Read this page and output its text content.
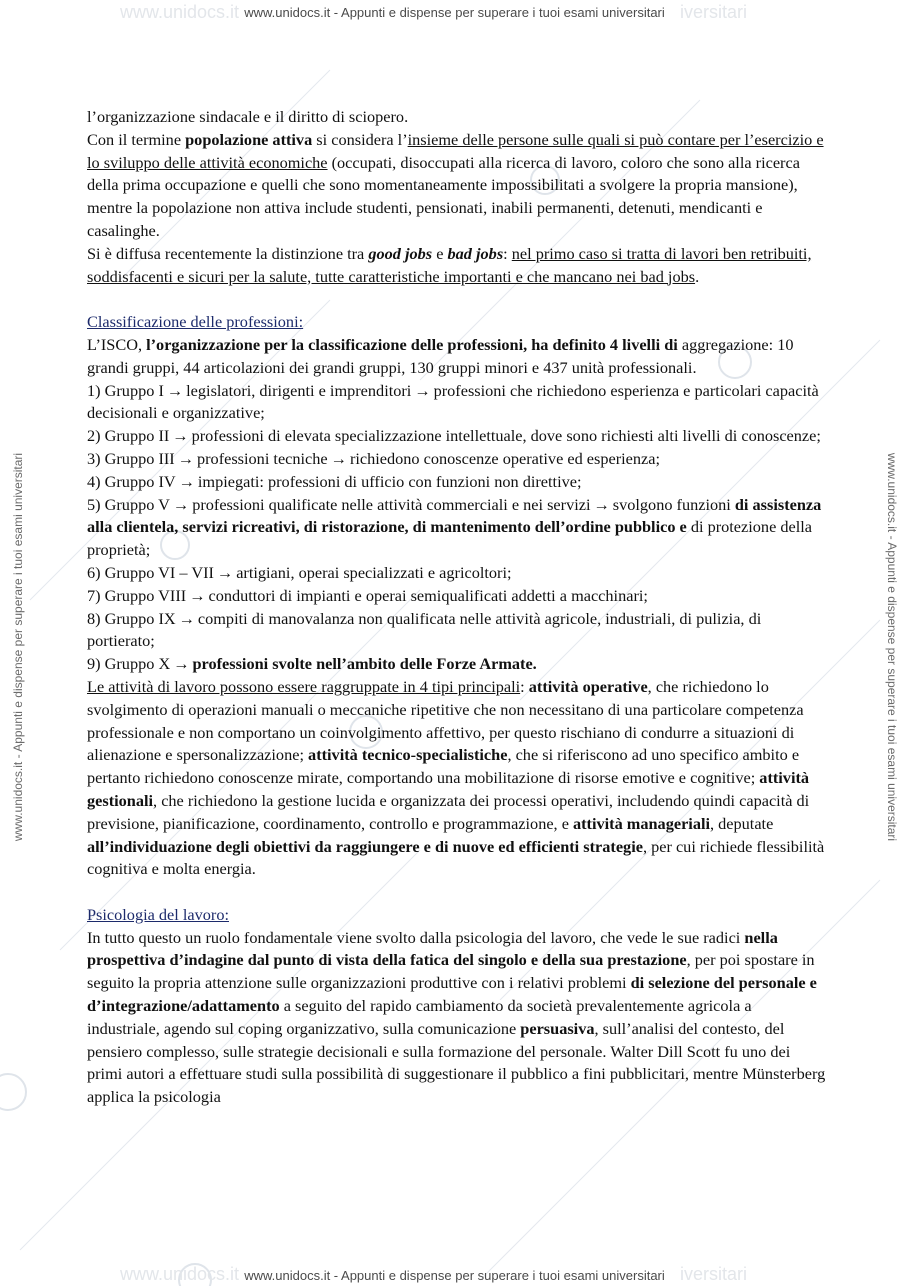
www.unidocs.it	iversitari
www.unidocs.it - Appunti e dispense per superare i tuoi esami universitari
www.unidocs.it - Appunti e dispense per superare i tuoi esami universitari
www.unidocs.it	iversitari
www.unidocs.it - Appunti e dispense per superare i tuoi esami universitari	www.unidocs.it - Appunti e dispense per superare i tuoi esami universitari

l’organizzazione sindacale e il diritto di sciopero.

Con il termine popolazione attiva si considera l’insieme delle persone sulle quali si può contare per l’esercizio e lo sviluppo delle attività economiche (occupati, disoccupati alla ricerca di lavoro, coloro che sono alla ricerca della prima occupazione e quelli che sono momentaneamente impossibilitati a svolgere la propria mansione), mentre la popolazione non attiva include studenti, pensionati, inabili permanenti, detenuti, mendicanti e casalinghe.

Si è diffusa recentemente la distinzione tra good jobs e bad jobs: nel primo caso si tratta di lavori ben retribuiti, soddisfacenti e sicuri per la salute, tutte caratteristiche importanti e che mancano nei bad jobs.

Classificazione delle professioni:

L’ISCO, l’organizzazione per la classificazione delle professioni, ha definito 4 livelli di aggregazione: 10 grandi gruppi, 44 articolazioni dei grandi gruppi, 130 gruppi minori e 437 unità professionali.

1) Gruppo I → legislatori, dirigenti e imprenditori → professioni che richiedono esperienza e particolari capacità decisionali e organizzative;

2) Gruppo II → professioni di elevata specializzazione intellettuale, dove sono richiesti alti livelli di conoscenze;

3) Gruppo III → professioni tecniche → richiedono conoscenze operative ed esperienza;

4) Gruppo IV → impiegati: professioni di ufficio con funzioni non direttive;

5) Gruppo V → professioni qualificate nelle attività commerciali e nei servizi → svolgono funzioni di assistenza alla clientela, servizi ricreativi, di ristorazione, di mantenimento dell’ordine pubblico e di protezione della proprietà;

6) Gruppo VI – VII → artigiani, operai specializzati e agricoltori;

7) Gruppo VIII → conduttori di impianti e operai semiqualificati addetti a macchinari;

8) Gruppo IX → compiti di manovalanza non qualificata nelle attività agricole, industriali, di pulizia, di portierato;

9) Gruppo X → professioni svolte nell’ambito delle Forze Armate.

Le attività di lavoro possono essere raggruppate in 4 tipi principali: attività operative, che richiedono lo svolgimento di operazioni manuali o meccaniche ripetitive che non necessitano di una particolare competenza professionale e non comportano un coinvolgimento affettivo, per questo rischiano di condurre a situazioni di alienazione e spersonalizzazione; attività tecnico-specialistiche, che si riferiscono ad uno specifico ambito e pertanto richiedono conoscenze mirate, comportando una mobilitazione di risorse emotive e cognitive; attività gestionali, che richiedono la gestione lucida e organizzata dei processi operativi, includendo quindi capacità di previsione, pianificazione, coordinamento, controllo e programmazione, e attività manageriali, deputate all’individuazione degli obiettivi da raggiungere e di nuove ed efficienti strategie, per cui richiede flessibilità cognitiva e molta energia.

Psicologia del lavoro:

In tutto questo un ruolo fondamentale viene svolto dalla psicologia del lavoro, che vede le sue radici nella prospettiva d’indagine dal punto di vista della fatica del singolo e della sua prestazione, per poi spostare in seguito la propria attenzione sulle organizzazioni produttive con i relativi problemi di selezione del personale e d’integrazione/adattamento a seguito del rapido cambiamento da società prevalentemente agricola a industriale, agendo sul coping organizzativo, sulla comunicazione persuasiva, sull’analisi del contesto, del pensiero complesso, sulle strategie decisionali e sulla formazione del personale. Walter Dill Scott fu uno dei primi autori a effettuare studi sulla possibilità di suggestionare il pubblico a fini pubblicitari, mentre Münsterberg applica la psicologia
